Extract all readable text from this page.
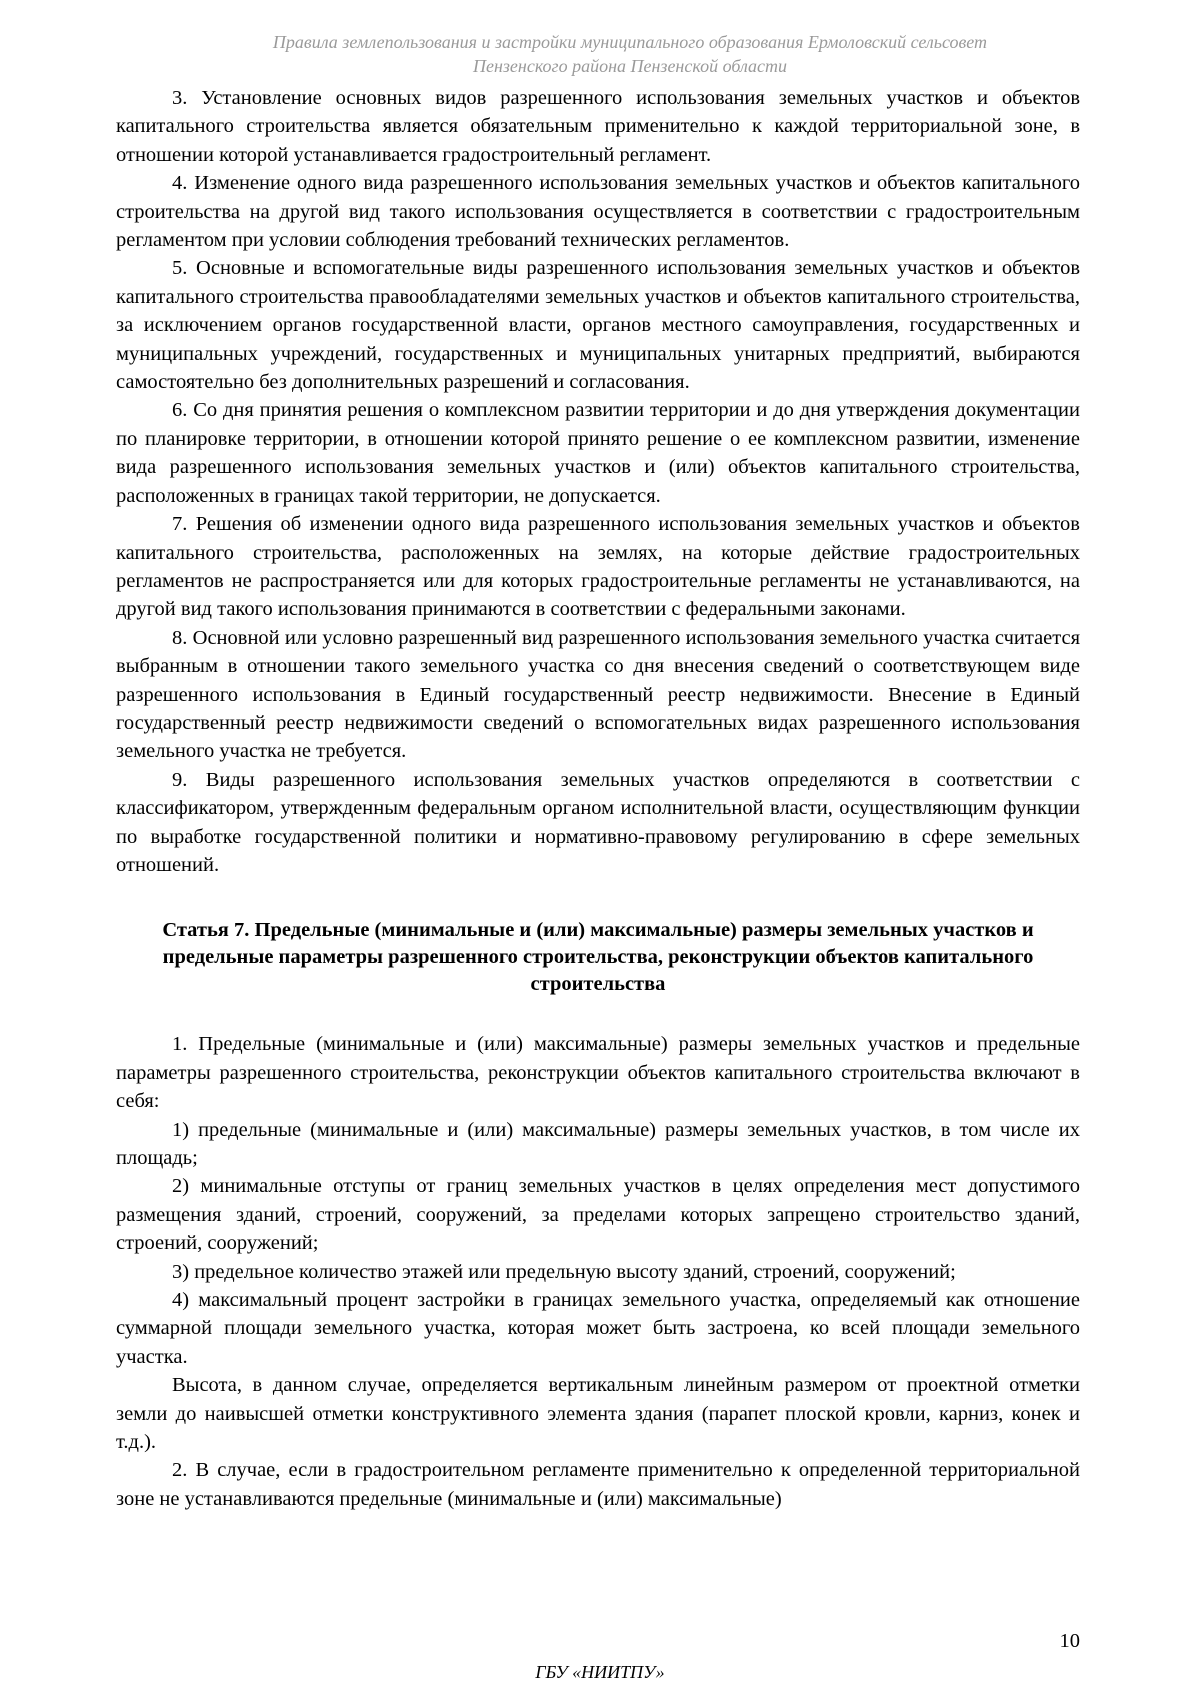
Правила землепользования и застройки муниципального образования Ермоловский сельсовет
Пензенского района Пензенской области

3. Установление основных видов разрешенного использования земельных участков и объектов капитального строительства является обязательным применительно к каждой территориальной зоне, в отношении которой устанавливается градостроительный регламент.

4. Изменение одного вида разрешенного использования земельных участков и объектов капитального строительства на другой вид такого использования осуществляется в соответствии с градостроительным регламентом при условии соблюдения требований технических регламентов.

5. Основные и вспомогательные виды разрешенного использования земельных участков и объектов капитального строительства правообладателями земельных участков и объектов капитального строительства, за исключением органов государственной власти, органов местного самоуправления, государственных и муниципальных учреждений, государственных и муниципальных унитарных предприятий, выбираются самостоятельно без дополнительных разрешений и согласования.

6. Со дня принятия решения о комплексном развитии территории и до дня утверждения документации по планировке территории, в отношении которой принято решение о ее комплексном развитии, изменение вида разрешенного использования земельных участков и (или) объектов капитального строительства, расположенных в границах такой территории, не допускается.

7. Решения об изменении одного вида разрешенного использования земельных участков и объектов капитального строительства, расположенных на землях, на которые действие градостроительных регламентов не распространяется или для которых градостроительные регламенты не устанавливаются, на другой вид такого использования принимаются в соответствии с федеральными законами.

8. Основной или условно разрешенный вид разрешенного использования земельного участка считается выбранным в отношении такого земельного участка со дня внесения сведений о соответствующем виде разрешенного использования в Единый государственный реестр недвижимости. Внесение в Единый государственный реестр недвижимости сведений о вспомогательных видах разрешенного использования земельного участка не требуется.

9. Виды разрешенного использования земельных участков определяются в соответствии с классификатором, утвержденным федеральным органом исполнительной власти, осуществляющим функции по выработке государственной политики и нормативно-правовому регулированию в сфере земельных отношений.

Статья 7. Предельные (минимальные и (или) максимальные) размеры земельных участков и предельные параметры разрешенного строительства, реконструкции объектов капитального строительства

1. Предельные (минимальные и (или) максимальные) размеры земельных участков и предельные параметры разрешенного строительства, реконструкции объектов капитального строительства включают в себя:

1) предельные (минимальные и (или) максимальные) размеры земельных участков, в том числе их площадь;

2) минимальные отступы от границ земельных участков в целях определения мест допустимого размещения зданий, строений, сооружений, за пределами которых запрещено строительство зданий, строений, сооружений;

3) предельное количество этажей или предельную высоту зданий, строений, сооружений;

4) максимальный процент застройки в границах земельного участка, определяемый как отношение суммарной площади земельного участка, которая может быть застроена, ко всей площади земельного участка.

Высота, в данном случае, определяется вертикальным линейным размером от проектной отметки земли до наивысшей отметки конструктивного элемента здания (парапет плоской кровли, карниз, конек и т.д.).

2. В случае, если в градостроительном регламенте применительно к определенной территориальной зоне не устанавливаются предельные (минимальные и (или) максимальные)

10
ГБУ «НИИТПУ»
